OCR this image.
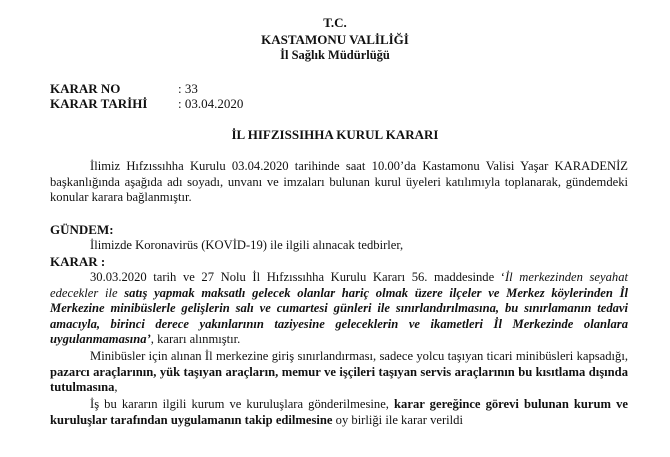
T.C.
KASTAMONU VALİLİĞİ
İl Sağlık Müdürlüğü
KARAR NO	: 33
KARAR TARİHİ : 03.04.2020
İL HIFZISSIHHA KURUL KARARI
İlimiz Hıfzıssıhha Kurulu 03.04.2020 tarihinde saat 10.00’da Kastamonu Valisi Yaşar KARADENİZ başkanlığında aşağıda adı soyadı, unvanı ve imzaları bulunan kurul üyeleri katılımıyla toplanarak, gündemdeki konular karara bağlanmıştır.
GÜNDEM:
İlimizde Koronavirüs (KOVİD-19) ile ilgili alınacak tedbirler,
KARAR :
30.03.2020 tarih ve 27 Nolu İl Hıfzıssıhha Kurulu Kararı 56. maddesinde ‘İl merkezinden seyahat edecekler ile satış yapmak maksatlı gelecek olanlar hariç olmak üzere ilçeler ve Merkez köylerinden İl Merkezine minibüslerle gelişlerin salı ve cumartesi günleri ile sınırlandırılmasına, bu sınırlamanın tedavi amacıyla, birinci derece yakınlarının taziyesine geleceklerin ve ikametleri İl Merkezinde olanlara uygulanmamasına’, kararı alınmıştır.
Minibüsler için alınan İl merkezine giriş sınırlandırması, sadece yolcu taşıyan ticari minibüsleri kapsadığı, pazarcı araçlarının, yük taşıyan araçların, memur ve işçileri taşıyan servis araçlarının bu kısıtlama dışında tutulmasına,
İş bu kararın ilgili kurum ve kuruluşlara gönderilmesine, karar gereğince görevi bulunan kurum ve kuruluşlar tarafından uygulamanın takip edilmesine oy birliği ile karar verildi
